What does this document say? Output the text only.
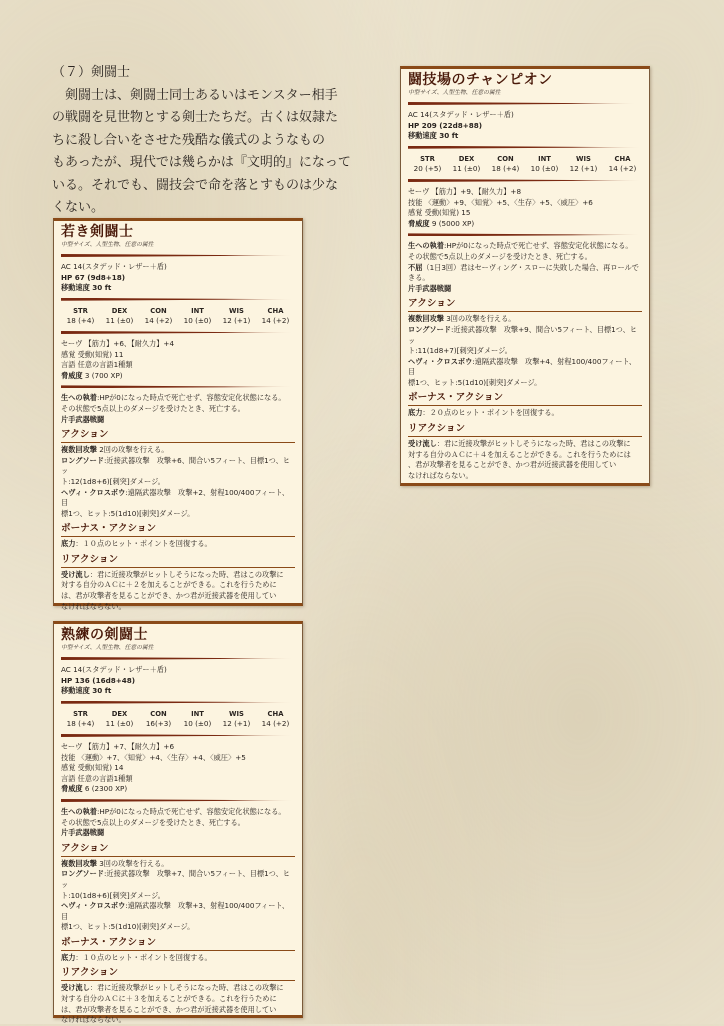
（７）剣闘士
剣闘士は、剣闘士同士あるいはモンスター相手
の戦闘を見世物とする剣士たちだ。古くは奴隷た
ちに殺し合いをさせた残酷な儀式のようなもの
もあったが、現代では幾らかは『文明的』になって
いる。それでも、闘技会で命を落とすものは少な
くない。
若き剣闘士
中型サイズ、人型生物、任意の属性
AC 14(スタデッド・レザー＋盾)
HP 67 (9d8+18)
移動速度 30 ft
STR
18 (+4)
DEX
11 (±0)
CON
14 (+2)
INT
10 (±0)
WIS
12 (+1)
CHA
14 (+2)
セーヴ 【筋力】+6、【耐久力】+4
感覚 受動(知覚) 11
言語 任意の言語1種類
脅威度 3 (700 XP)
生への執着:HPが0になった時点で死亡せず、容態安定化状態になる。
その状態で5点以上のダメージを受けたとき、死亡する。
片手武器戦闘
アクション
複数回攻撃 2回の攻撃を行える。
ロングソード:近接武器攻撃　攻撃+6、間合い5フィート、目標1つ、ヒッ
ト:12(1d8+6)[刺突]ダメージ。
ヘヴィ・クロスボウ:遠隔武器攻撃　攻撃+2、射程100/400フィート、目
標1つ、ヒット:5(1d10)[刺突]ダメージ。
ボーナス・アクション
底力：１０点のヒット・ポイントを回復する。
リアクション
受け流し：君に近接攻撃がヒットしそうになった時、君はこの攻撃に
対する自分のＡＣに＋２を加えることができる。これを行うために
は、君が攻撃者を見ることができ、かつ君が近接武器を使用してい
なければならない。
熟練の剣闘士
中型サイズ、人型生物、任意の属性
AC 14(スタデッド・レザー＋盾)
HP 136 (16d8+48)
移動速度 30 ft
STR
18 (+4)
DEX
11 (±0)
CON
16(+3)
INT
10 (±0)
WIS
12 (+1)
CHA
14 (+2)
セーヴ 【筋力】+7、【耐久力】+6
技能 〈運動〉+7、〈知覚〉+4、〈生存〉+4、〈威圧〉+5
感覚 受動(知覚) 14
言語 任意の言語1種類
脅威度 6 (2300 XP)
生への執着:HPが0になった時点で死亡せず、容態安定化状態になる。
その状態で5点以上のダメージを受けたとき、死亡する。
片手武器戦闘
アクション
複数回攻撃 3回の攻撃を行える。
ロングソード:近接武器攻撃　攻撃+7、間合い5フィート、目標1つ、ヒッ
ト:10(1d8+6)[刺突]ダメージ。
ヘヴィ・クロスボウ:遠隔武器攻撃　攻撃+3、射程100/400フィート、目
標1つ、ヒット:5(1d10)[刺突]ダメージ。
ボーナス・アクション
底力：１０点のヒット・ポイントを回復する。
リアクション
受け流し：君に近接攻撃がヒットしそうになった時、君はこの攻撃に
対する自分のＡＣに＋３を加えることができる。これを行うために
は、君が攻撃者を見ることができ、かつ君が近接武器を使用してい
なければならない。
闘技場のチャンピオン
中型サイズ、人型生物、任意の属性
AC 14(スタデッド・レザー＋盾)
HP 209 (22d8+88)
移動速度 30 ft
STR
20 (+5)
DEX
11 (±0)
CON
18 (+4)
INT
10 (±0)
WIS
12 (+1)
CHA
14 (+2)
セーヴ 【筋力】+9、【耐久力】+8
技能 〈運動〉+9、〈知覚〉+5、〈生存〉+5、〈威圧〉+6
感覚 受動(知覚) 15
脅威度 9 (5000 XP)
生への執着:HPが0になった時点で死亡せず、容態安定化状態になる。
その状態で5点以上のダメージを受けたとき、死亡する。
不屈（1日3回）君はセーヴィング・スローに失敗した場合、再ロールで
きる。
片手武器戦闘
アクション
複数回攻撃 3回の攻撃を行える。
ロングソード:近接武器攻撃　攻撃+9、間合い5フィート、目標1つ、ヒッ
ト:11(1d8+7)[刺突]ダメージ。
ヘヴィ・クロスボウ:遠隔武器攻撃　攻撃+4、射程100/400フィート、目
標1つ、ヒット:5(1d10)[刺突]ダメージ。
ボーナス・アクション
底力：２０点のヒット・ポイントを回復する。
リアクション
受け流し：君に近接攻撃がヒットしそうになった時、君はこの攻撃に
対する自分のＡＣに＋４を加えることができる。これを行うためには
、君が攻撃者を見ることができ、かつ君が近接武器を使用してい
なければならない。
